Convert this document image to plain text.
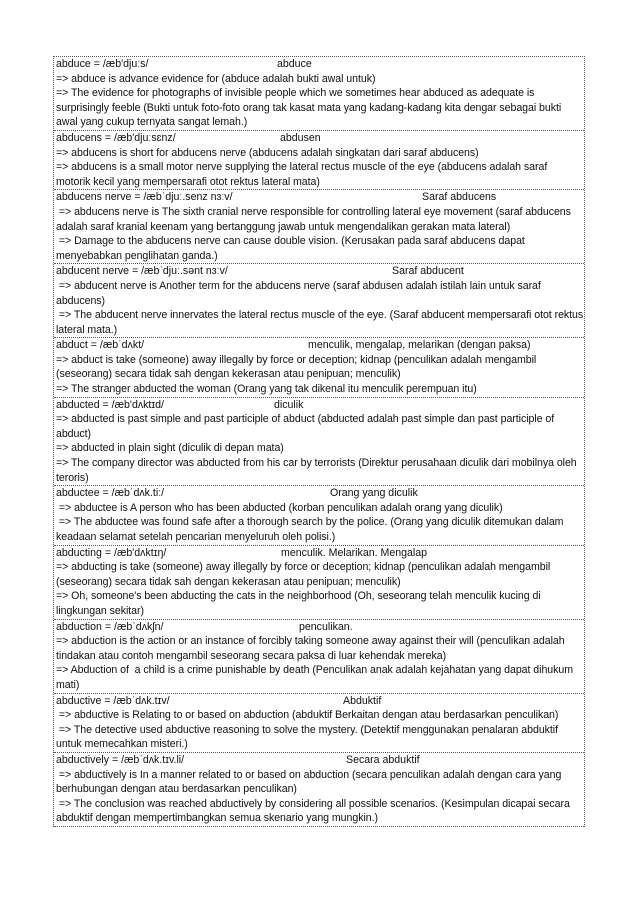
abduce = /æb'djuːs/	abduce
=> abduce is advance evidence for (abduce adalah bukti awal untuk)
=> The evidence for photographs of invisible people which we sometimes hear abduced as adequate is surprisingly feeble (Bukti untuk foto-foto orang tak kasat mata yang kadang-kadang kita dengar sebagai bukti awal yang cukup ternyata sangat lemah.)
abducens = /æb'djuːsɛnz/	abdusen
=> abducens is short for abducens nerve (abducens adalah singkatan dari saraf abducens)
=> abducens is a small motor nerve supplying the lateral rectus muscle of the eye (abducens adalah saraf motorik kecil yang mempersarafi otot rektus lateral mata)
abducens nerve = /æbˈdjuː.senz nɜːv/	Saraf abducens
=> abducens nerve is The sixth cranial nerve responsible for controlling lateral eye movement (saraf abducens adalah saraf kranial keenam yang bertanggung jawab untuk mengendalikan gerakan mata lateral)
=> Damage to the abducens nerve can cause double vision. (Kerusakan pada saraf abducens dapat menyebabkan penglihatan ganda.)
abducent nerve = /æbˈdjuː.sənt nɜːv/	Saraf abducent
=> abducent nerve is Another term for the abducens nerve (saraf abdusen adalah istilah lain untuk saraf abducens)
=> The abducent nerve innervates the lateral rectus muscle of the eye. (Saraf abducent mempersarafi otot rektus lateral mata.)
abduct = /æbˈdʌkt/	menculik, mengalap, melarikan (dengan paksa)
=> abduct is take (someone) away illegally by force or deception; kidnap (penculikan adalah mengambil (seseorang) secara tidak sah dengan kekerasan atau penipuan; menculik)
=> The stranger abducted the woman (Orang yang tak dikenal itu menculik perempuan itu)
abducted = /æb'dʌktɪd/	diculik
=> abducted is past simple and past participle of abduct (abducted adalah past simple dan past participle of abduct)
=> abducted in plain sight (diculik di depan mata)
=> The company director was abducted from his car by terrorists (Direktur perusahaan diculik dari mobilnya oleh teroris)
abductee = /æbˈdʌk.tiː/	Orang yang diculik
=> abductee is A person who has been abducted (korban penculikan adalah orang yang diculik)
=> The abductee was found safe after a thorough search by the police. (Orang yang diculik ditemukan dalam keadaan selamat setelah pencarian menyeluruh oleh polisi.)
abducting = /æb'dʌktɪŋ/	menculik. Melarikan. Mengalap
=> abducting is take (someone) away illegally by force or deception; kidnap (penculikan adalah mengambil (seseorang) secara tidak sah dengan kekerasan atau penipuan; menculik)
=> Oh, someone's been abducting the cats in the neighborhood (Oh, seseorang telah menculik kucing di lingkungan sekitar)
abduction = /æbˈdʌkʃn/	penculikan.
=> abduction is the action or an instance of forcibly taking someone away against their will (penculikan adalah tindakan atau contoh mengambil seseorang secara paksa di luar kehendak mereka)
=> Abduction of  a child is a crime punishable by death (Penculikan anak adalah kejahatan yang dapat dihukum mati)
abductive = /æbˈdʌk.tɪv/	Abduktif
=> abductive is Relating to or based on abduction (abduktif Berkaitan dengan atau berdasarkan penculikan)
=> The detective used abductive reasoning to solve the mystery. (Detektif menggunakan penalaran abduktif untuk memecahkan misteri.)
abductively = /æbˈdʌk.tɪv.li/	Secara abduktif
=> abductively is In a manner related to or based on abduction (secara penculikan adalah dengan cara yang berhubungan dengan atau berdasarkan penculikan)
=> The conclusion was reached abductively by considering all possible scenarios. (Kesimpulan dicapai secara abduktif dengan mempertimbangkan semua skenario yang mungkin.)
